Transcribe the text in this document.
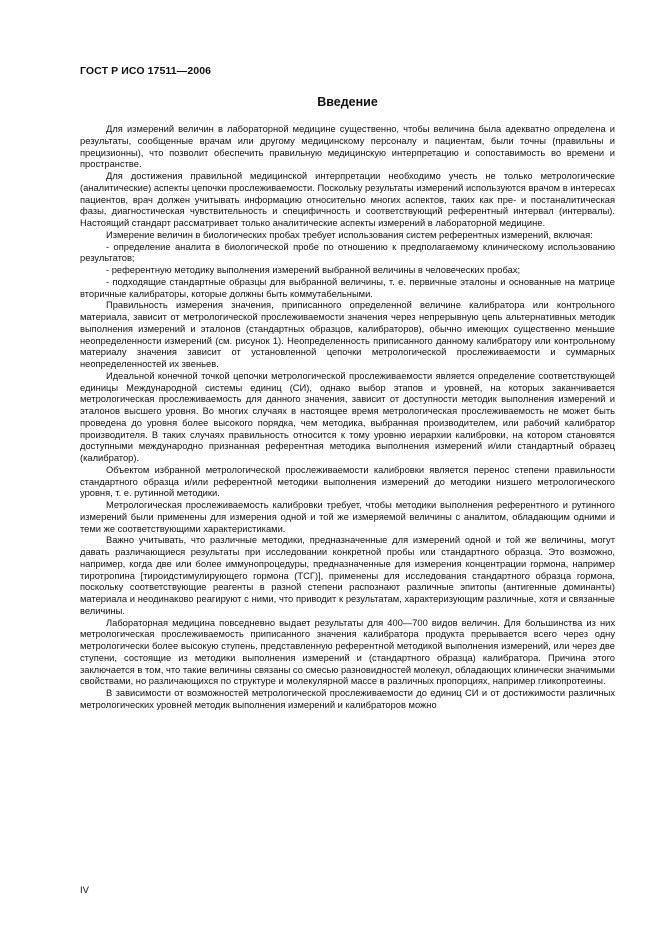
ГОСТ Р ИСО 17511—2006
Введение

Для измерений величин в лабораторной медицине существенно, чтобы величина была адекватно определена и результаты, сообщенные врачам или другому медицинскому персоналу и пациентам, были точны (правильны и прецизионны), что позволит обеспечить правильную медицинскую интерпретацию и сопоставимость во времени и пространстве.

Для достижения правильной медицинской интерпретации необходимо учесть не только метрологические (аналитические) аспекты цепочки прослеживаемости. Поскольку результаты измерений используются врачом в интересах пациентов, врач должен учитывать информацию относительно многих аспектов, таких как пре- и постаналитическая фазы, диагностическая чувствительность и специфичность и соответствующий референтный интервал (интервалы). Настоящий стандарт рассматривает только аналитические аспекты измерений в лабораторной медицине.

Измерение величин в биологических пробах требует использования систем референтных измерений, включая:

- определение аналита в биологической пробе по отношению к предполагаемому клиническому использованию результатов;

- референтную методику выполнения измерений выбранной величины в человеческих пробах;

- подходящие стандартные образцы для выбранной величины, т. е. первичные эталоны и основанные на матрице вторичные калибраторы, которые должны быть коммутабельными.

Правильность измерения значения, приписанного определенной величине калибратора или контрольного материала, зависит от метрологической прослеживаемости значения через непрерывную цепь альтернативных методик выполнения измерений и эталонов (стандартных образцов, калибраторов), обычно имеющих существенно меньшие неопределенности измерений (см. рисунок 1). Неопределенность приписанного данному калибратору или контрольному материалу значения зависит от установленной цепочки метрологической прослеживаемости и суммарных неопределенностей их звеньев.

Идеальной конечной точкой цепочки метрологической прослеживаемости является определение соответствующей единицы Международной системы единиц (СИ), однако выбор этапов и уровней, на которых заканчивается метрологическая прослеживаемость для данного значения, зависит от доступности методик выполнения измерений и эталонов высшего уровня. Во многих случаях в настоящее время метрологическая прослеживаемость не может быть проведена до уровня более высокого порядка, чем методика, выбранная производителем, или рабочий калибратор производителя. В таких случаях правильность относится к тому уровню иерархии калибровки, на котором становятся доступными международно признанная референтная методика выполнения измерений и/или стандартный образец (калибратор).

Объектом избранной метрологической прослеживаемости калибровки является перенос степени правильности стандартного образца и/или референтной методики выполнения измерений до методики низшего метрологического уровня, т. е. рутинной методики.

Метрологическая прослеживаемость калибровки требует, чтобы методики выполнения референтного и рутинного измерений были применены для измерения одной и той же измеряемой величины с аналитом, обладающим одними и теми же соответствующими характеристиками.

Важно учитывать, что различные методики, предназначенные для измерений одной и той же величины, могут давать различающиеся результаты при исследовании конкретной пробы или стандартного образца. Это возможно, например, когда две или более иммунопроцедуры, предназначенные для измерения концентрации гормона, например тиротропина [тироидстимулирующего гормона (ТСГ)], применены для исследования стандартного образца гормона, поскольку соответствующие реагенты в разной степени распознают различные эпитопы (антигенные доминанты) материала и неодинаково реагируют с ними, что приводит к результатам, характеризующим различные, хотя и связанные величины.

Лабораторная медицина повседневно выдает результаты для 400—700 видов величин. Для большинства из них метрологическая прослеживаемость приписанного значения калибратора продукта прерывается всего через одну метрологически более высокую ступень, представленную референтной методикой выполнения измерений, или через две ступени, состоящие из методики выполнения измерений и (стандартного образца) калибратора. Причина этого заключается в том, что такие величины связаны со смесью разновидностей молекул, обладающих клинически значимыми свойствами, но различающихся по структуре и молекулярной массе в различных пропорциях, например гликопротеины.

В зависимости от возможностей метрологической прослеживаемости до единиц СИ и от достижимости различных метрологических уровней методик выполнения измерений и калибраторов можно

IV
